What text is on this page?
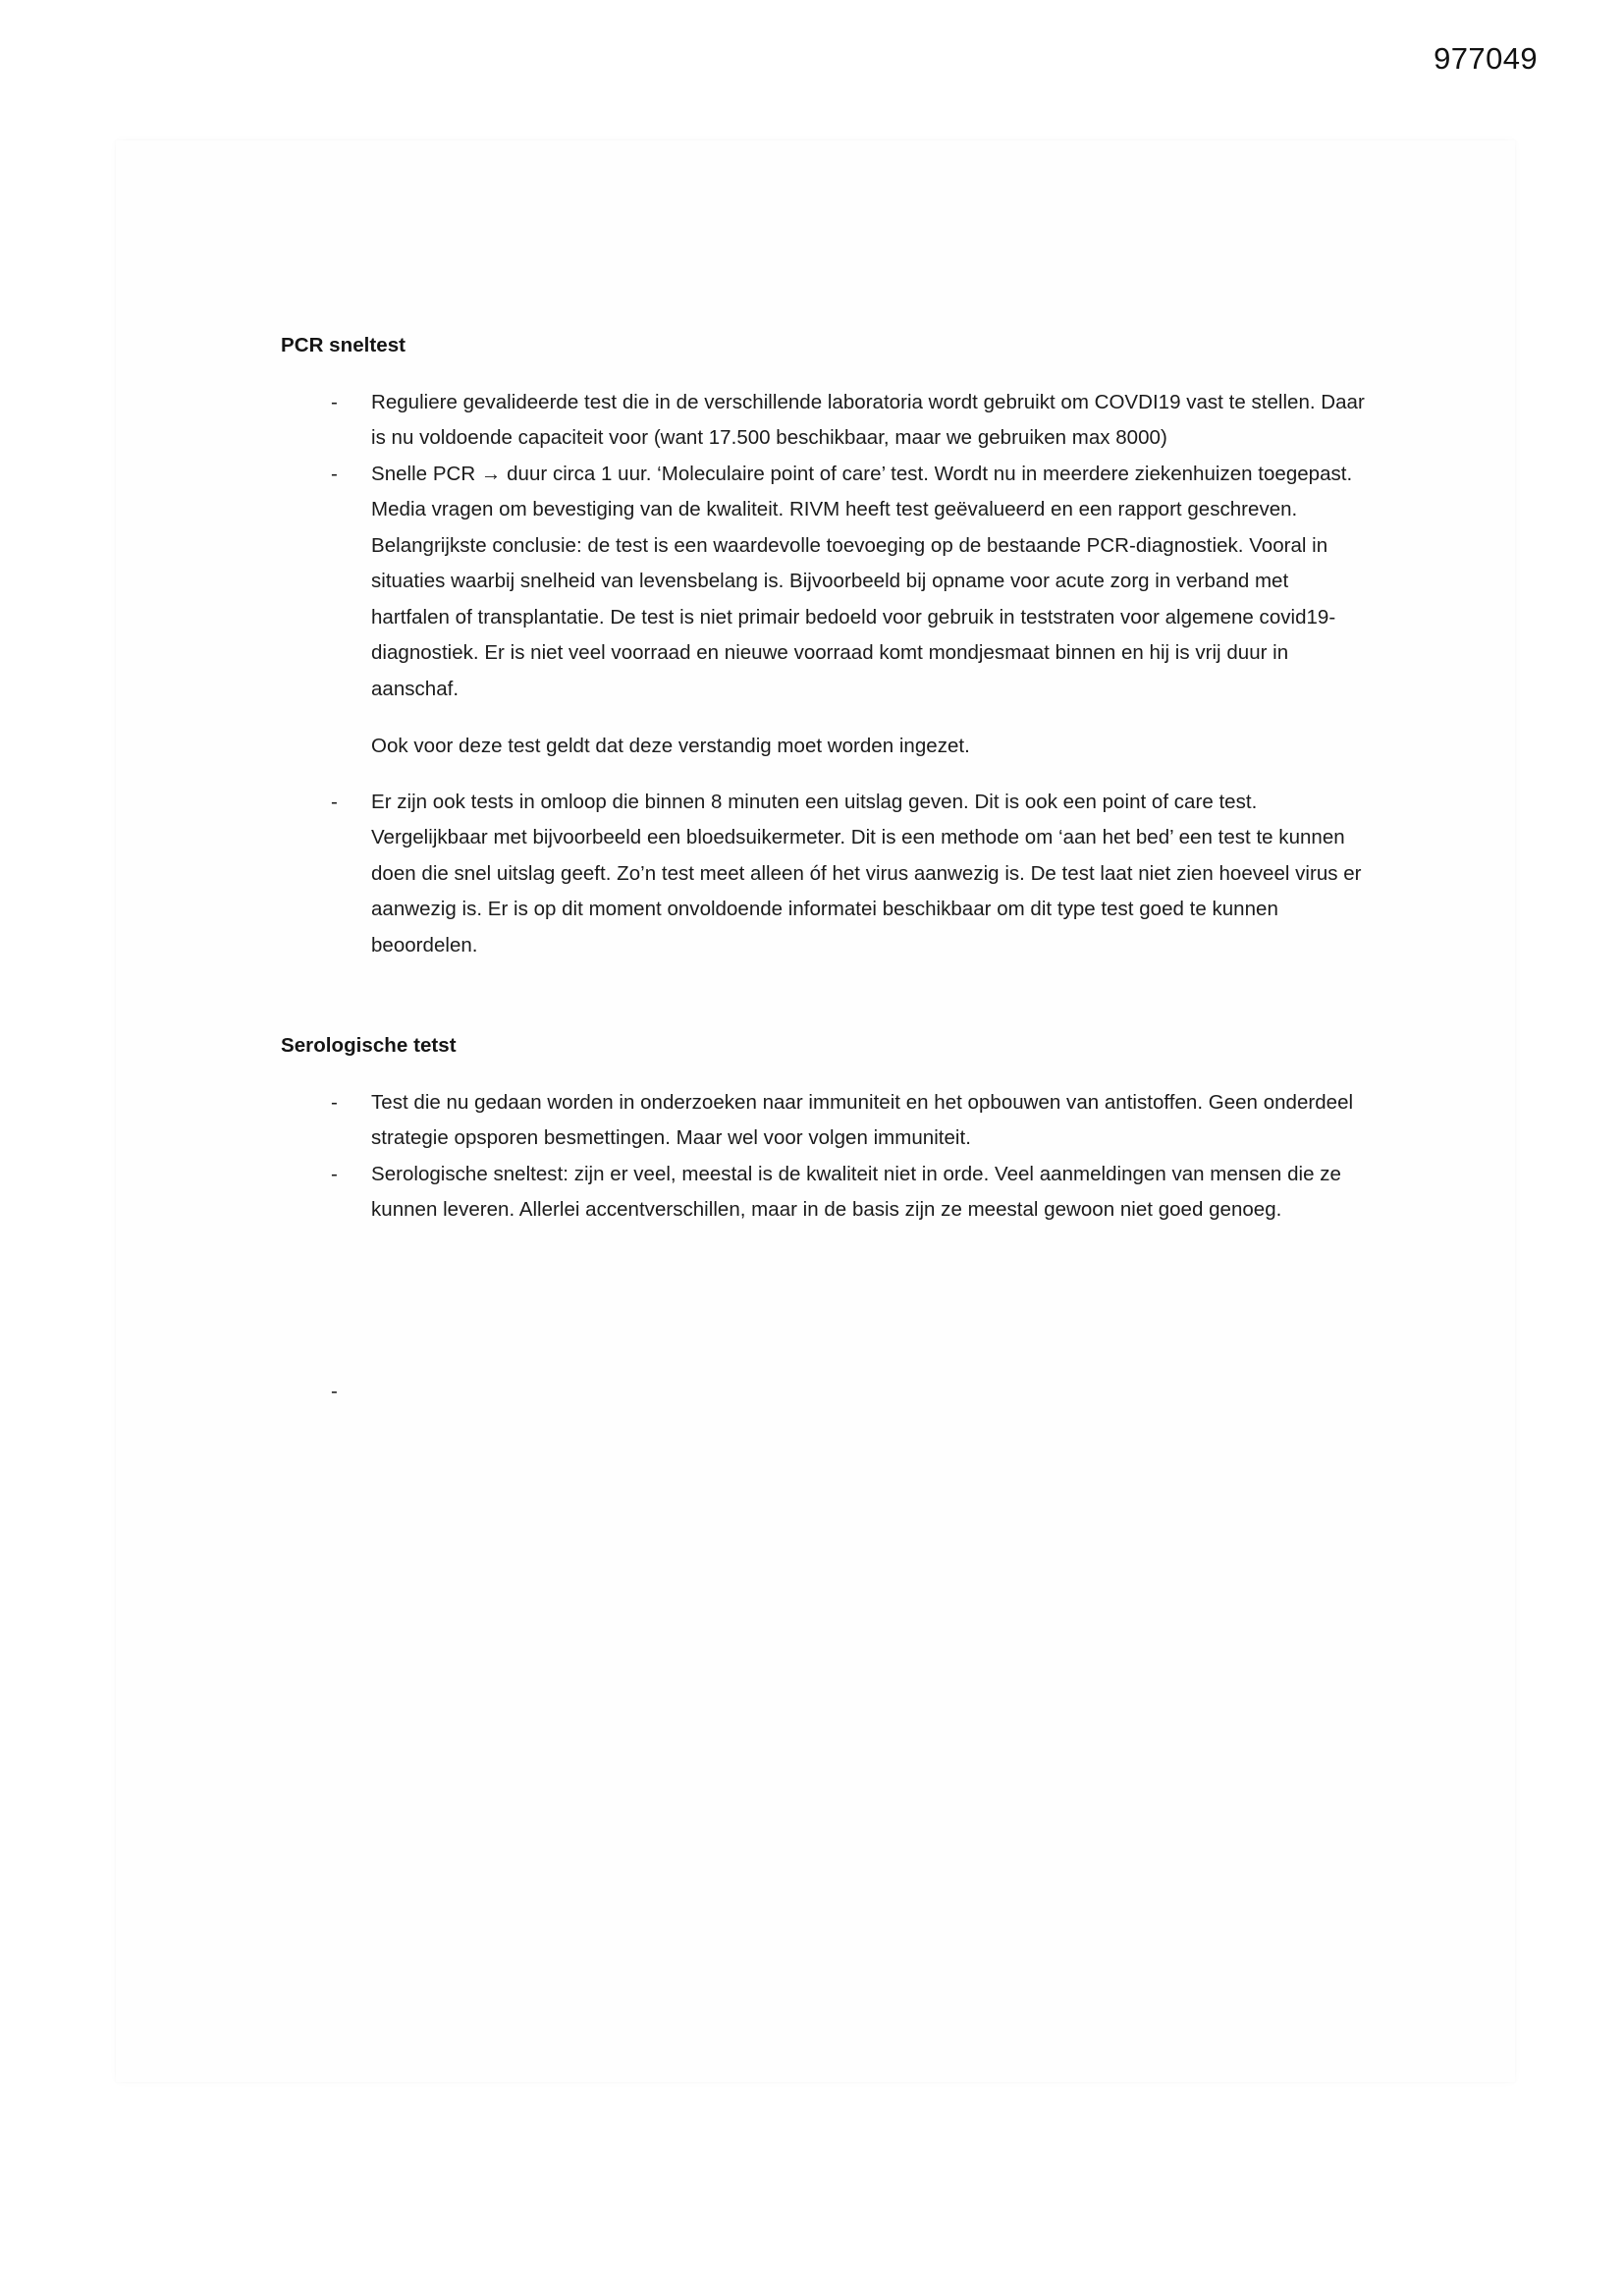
977049
PCR sneltest
- Reguliere gevalideerde test die in de verschillende laboratoria wordt gebruikt om COVDI19 vast te stellen. Daar is nu voldoende capaciteit voor (want 17.500 beschikbaar, maar we gebruiken max 8000)
- Snelle PCR → duur circa 1 uur. ‘Moleculaire point of care’ test. Wordt nu in meerdere ziekenhuizen toegepast. Media vragen om bevestiging van de kwaliteit. RIVM heeft test geëvalueerd en een rapport geschreven. Belangrijkste conclusie: de test is een waardevolle toevoeging op de bestaande PCR-diagnostiek. Vooral in situaties waarbij snelheid van levensbelang is. Bijvoorbeeld bij opname voor acute zorg in verband met hartfalen of transplantatie. De test is niet primair bedoeld voor gebruik in teststraten voor algemene covid19-diagnostiek. Er is niet veel voorraad en nieuwe voorraad komt mondjesmaat binnen en hij is vrij duur in aanschaf.
Ook voor deze test geldt dat deze verstandig moet worden ingezet.
- Er zijn ook tests in omloop die binnen 8 minuten een uitslag geven. Dit is ook een point of care test. Vergelijkbaar met bijvoorbeeld een bloedsuikermeter. Dit is een methode om ‘aan het bed’ een test te kunnen doen die snel uitslag geeft. Zo’n test meet alleen óf het virus aanwezig is. De test laat niet zien hoeveel virus er aanwezig is. Er is op dit moment onvoldoende informatei beschikbaar om dit type test goed te kunnen beoordelen.
Serologische tetst
- Test die nu gedaan worden in onderzoeken naar immuniteit en het opbouwen van antistoffen. Geen onderdeel strategie opsporen besmettingen. Maar wel voor volgen immuniteit.
- Serologische sneltest: zijn er veel, meestal is de kwaliteit niet in orde. Veel aanmeldingen van mensen die ze kunnen leveren. Allerlei accentverschillen, maar in de basis zijn ze meestal gewoon niet goed genoeg.
-
